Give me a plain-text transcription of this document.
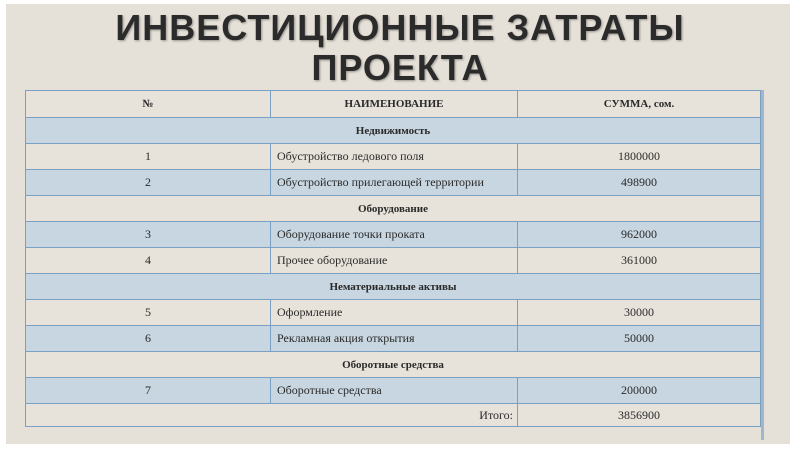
ИНВЕСТИЦИОННЫЕ ЗАТРАТЫ
ПРОЕКТА
№	НАИМЕНОВАНИЕ	СУММА, сом.
Недвижимость		
1	Обустройство ледового поля	1800000
2	Обустройство прилегающей территории	498900
Оборудование		
3	Оборудование точки проката	962000
4	Прочее оборудование	361000
Нематериальные активы		
5	Оформление	30000
6	Рекламная акция открытия	50000
Оборотные средства		
7	Оборотные средства	200000
Итого:		3856900
